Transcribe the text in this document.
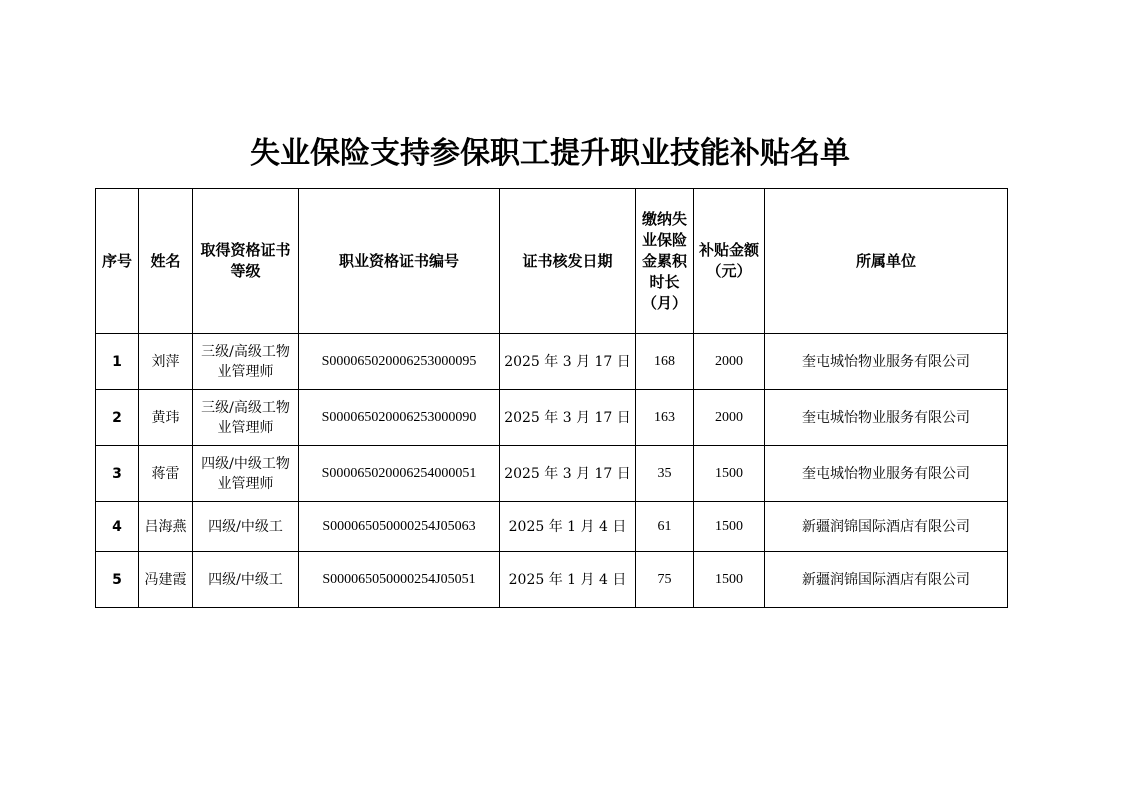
失业保险支持参保职工提升职业技能补贴名单
序号	姓名	取得资格证书等级	职业资格证书编号	证书核发日期	缴纳失业保险金累积时长（月）	补贴金额（元）	所属单位
1	刘萍	三级/高级工物业管理师	S000065020006253000095	2025 年 3 月 17 日	168	2000	奎屯城怡物业服务有限公司
2	黄玮	三级/高级工物业管理师	S000065020006253000090	2025 年 3 月 17 日	163	2000	奎屯城怡物业服务有限公司
3	蒋雷	四级/中级工物业管理师	S000065020006254000051	2025 年 3 月 17 日	35	1500	奎屯城怡物业服务有限公司
4	吕海燕	四级/中级工	S000065050000254J05063	2025 年 1 月 4 日	61	1500	新疆润锦国际酒店有限公司
5	冯建霞	四级/中级工	S000065050000254J05051	2025 年 1 月 4 日	75	1500	新疆润锦国际酒店有限公司
